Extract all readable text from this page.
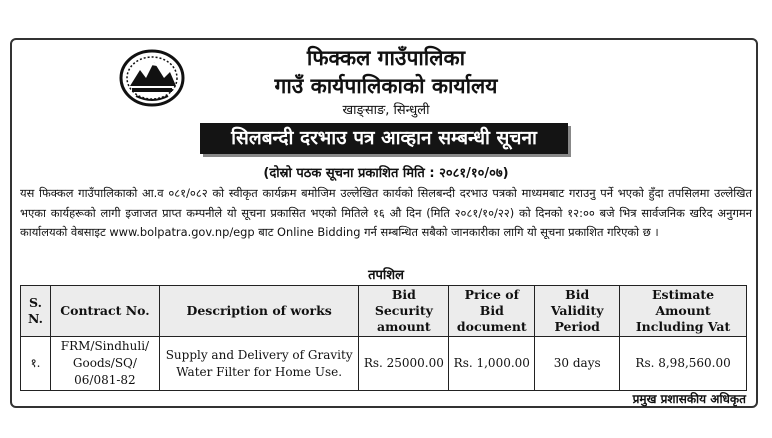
फिक्कल गाउँपालिका
गाउँ कार्यपालिकाको कार्यालय
खाङ्साङ, सिन्धुली
सिलबन्दी दरभाउ पत्र आव्हान सम्बन्धी सूचना
(दोस्रो पठक सूचना प्रकाशित मिति : २०८१/१०/०७)
यस फिक्कल गाउँपालिकाको आ.व ०८१/०८२ को स्वीकृत कार्यक्रम बमोजिम उल्लेखित कार्यको सिलबन्दी दरभाउ पत्रको माध्यमबाट गराउनु पर्ने भएको हुँदा तपसिलमा उल्लेखित भएका कार्यहरूको लागी इजाजत प्राप्त कम्पनीले यो सूचना प्रकासित भएको मितिले १६ औ दिन (मिति २०८१/१०/२२) को दिनको १२:०० बजे भित्र सार्वजनिक खरिद अनुगमन कार्यालयको वेबसाइट www.bolpatra.gov.np/egp बाट Online Bidding गर्न सम्बन्धित सबैको जानकारीका लागि यो सूचना प्रकाशित गरिएको छ ।
तपशिल
S. N.	Contract No.	Description of works	Bid Security amount	Price of Bid document	Bid Validity Period	Estimate Amount Including Vat
१.	FRM/Sindhuli/ Goods/SQ/ 06/081-82	Supply and Delivery of Gravity Water Filter for Home Use.	Rs. 25000.00	Rs. 1,000.00	30 days	Rs. 8,98,560.00
प्रमुख प्रशासकीय अधिकृत
